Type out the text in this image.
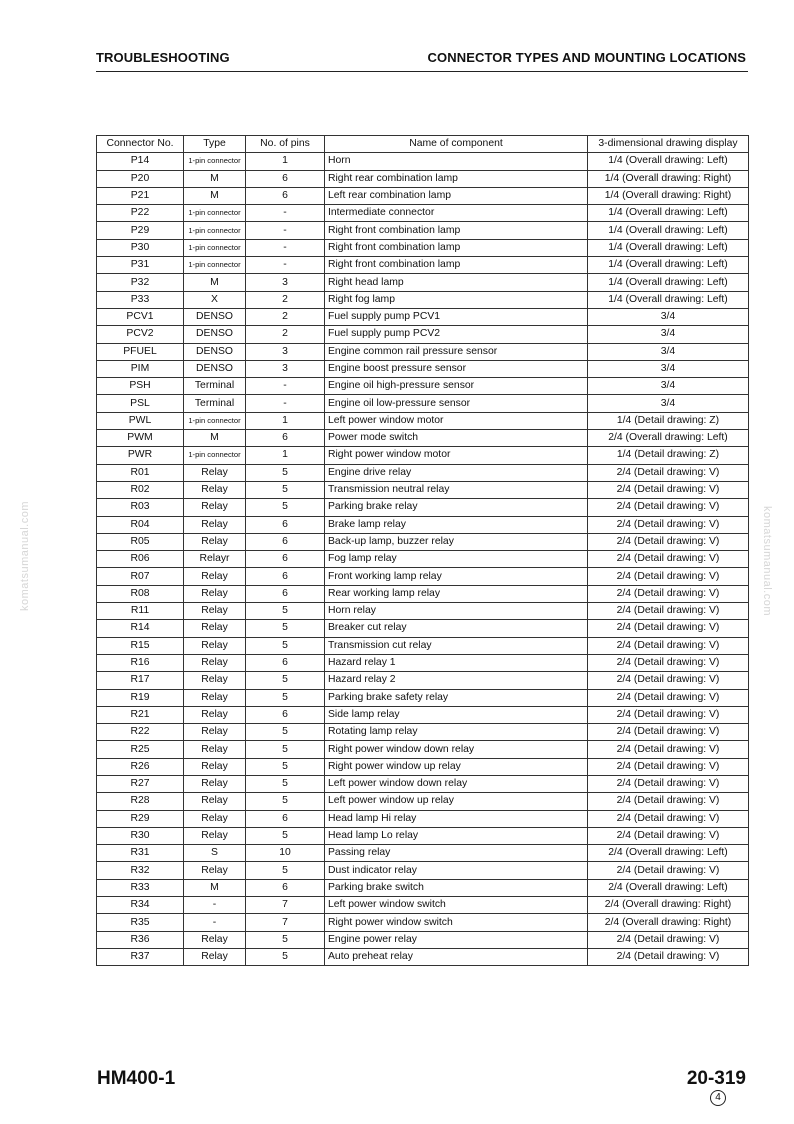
TROUBLESHOOTING	CONNECTOR TYPES AND MOUNTING LOCATIONS
komatsumanual.com	komatsumanual.com
Connector No.	Type	No. of pins	Name of component	3-dimensional drawing display
P14	1-pin connector	1	Horn	1/4 (Overall drawing: Left)
P20	M	6	Right rear combination lamp	1/4 (Overall drawing: Right)
P21	M	6	Left rear combination lamp	1/4 (Overall drawing: Right)
P22	1-pin connector	-	Intermediate connector	1/4 (Overall drawing: Left)
P29	1-pin connector	-	Right front combination lamp	1/4 (Overall drawing: Left)
P30	1-pin connector	-	Right front combination lamp	1/4 (Overall drawing: Left)
P31	1-pin connector	-	Right front combination lamp	1/4 (Overall drawing: Left)
P32	M	3	Right head lamp	1/4 (Overall drawing: Left)
P33	X	2	Right fog lamp	1/4 (Overall drawing: Left)
PCV1	DENSO	2	Fuel supply pump PCV1	3/4
PCV2	DENSO	2	Fuel supply pump PCV2	3/4
PFUEL	DENSO	3	Engine common rail pressure sensor	3/4
PIM	DENSO	3	Engine boost pressure sensor	3/4
PSH	Terminal	-	Engine oil high-pressure sensor	3/4
PSL	Terminal	-	Engine oil low-pressure sensor	3/4
PWL	1-pin connector	1	Left power window motor	1/4 (Detail drawing: Z)
PWM	M	6	Power mode switch	2/4 (Overall drawing: Left)
PWR	1-pin connector	1	Right power window motor	1/4 (Detail drawing: Z)
R01	Relay	5	Engine drive relay	2/4 (Detail drawing: V)
R02	Relay	5	Transmission neutral relay	2/4 (Detail drawing: V)
R03	Relay	5	Parking brake relay	2/4 (Detail drawing: V)
R04	Relay	6	Brake lamp relay	2/4 (Detail drawing: V)
R05	Relay	6	Back-up lamp, buzzer relay	2/4 (Detail drawing: V)
R06	Relayr	6	Fog lamp relay	2/4 (Detail drawing: V)
R07	Relay	6	Front working lamp relay	2/4 (Detail drawing: V)
R08	Relay	6	Rear working lamp relay	2/4 (Detail drawing: V)
R11	Relay	5	Horn relay	2/4 (Detail drawing: V)
R14	Relay	5	Breaker cut relay	2/4 (Detail drawing: V)
R15	Relay	5	Transmission cut relay	2/4 (Detail drawing: V)
R16	Relay	6	Hazard relay 1	2/4 (Detail drawing: V)
R17	Relay	5	Hazard relay 2	2/4 (Detail drawing: V)
R19	Relay	5	Parking brake safety relay	2/4 (Detail drawing: V)
R21	Relay	6	Side lamp relay	2/4 (Detail drawing: V)
R22	Relay	5	Rotating lamp relay	2/4 (Detail drawing: V)
R25	Relay	5	Right power window down relay	2/4 (Detail drawing: V)
R26	Relay	5	Right power window up relay	2/4 (Detail drawing: V)
R27	Relay	5	Left power window down relay	2/4 (Detail drawing: V)
R28	Relay	5	Left power window up relay	2/4 (Detail drawing: V)
R29	Relay	6	Head lamp Hi relay	2/4 (Detail drawing: V)
R30	Relay	5	Head lamp Lo relay	2/4 (Detail drawing: V)
R31	S	10	Passing relay	2/4 (Overall drawing: Left)
R32	Relay	5	Dust indicator relay	2/4 (Detail drawing: V)
R33	M	6	Parking brake switch	2/4 (Overall drawing: Left)
R34	-	7	Left power window switch	2/4 (Overall drawing: Right)
R35	-	7	Right power window switch	2/4 (Overall drawing: Right)
R36	Relay	5	Engine power relay	2/4 (Detail drawing: V)
R37	Relay	5	Auto preheat relay	2/4 (Detail drawing: V)
HM400-1	20-319
4
